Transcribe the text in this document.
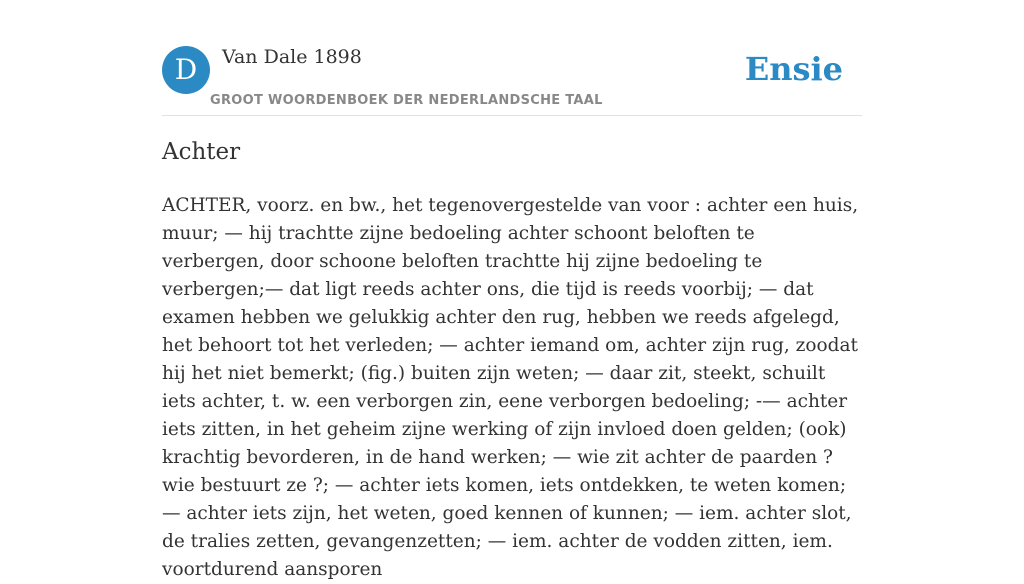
D	Van Dale 1898
GROOT WOORDENBOEK DER NEDERLANDSCHE TAAL
Ensie
Achter

ACHTER, voorz. en bw., het tegenovergestelde van voor : achter een huis, muur; — hij trachtte zijne bedoeling achter schoont beloften te verbergen, door schoone beloften trachtte hij zijne bedoeling te verbergen;— dat ligt reeds achter ons, die tijd is reeds voorbij; — dat examen hebben we gelukkig achter den rug, hebben we reeds afgelegd, het behoort tot het verleden; — achter iemand om, achter zijn rug, zoodat hij het niet bemerkt; (fig.) buiten zijn weten; — daar zit, steekt, schuilt iets achter, t. w. een verborgen zin, eene verborgen bedoeling; -— achter iets zitten, in het geheim zijne werking of zijn invloed doen gelden; (ook) krachtig bevorderen, in de hand werken; — wie zit achter de paarden ? wie bestuurt ze ?; — achter iets komen, iets ontdekken, te weten komen; — achter iets zijn, het weten, goed kennen of kunnen; — iem. achter slot, de tralies zetten, gevangenzetten; — iem. achter de vodden zitten, iem. voortdurend aansporen
